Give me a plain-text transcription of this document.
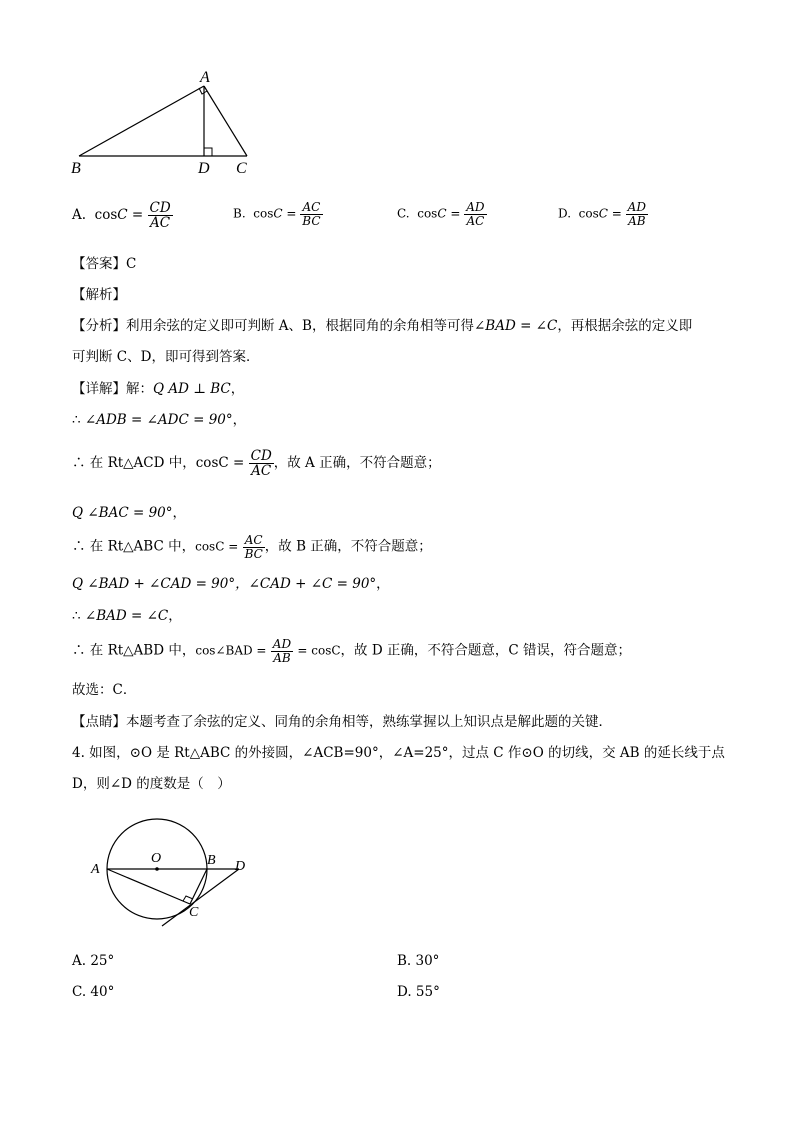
A
B	D C
A. $\cos C = \frac{CD}{AC}$	B. $\cos C = \frac{AC}{BC}$	C. $\cos C = \frac{AD}{AC}$	D. $\cos C = \frac{AD}{AB}$
【答案】C
【解析】
【分析】利用余弦的定义即可判断 A、B，根据同角的余角相等可得∠BAD = ∠C，再根据余弦的定义即
可判断 C、D，即可得到答案．
【详解】解：Q AD ⊥ BC，
∴ ∠ADB = ∠ADC = 90°，
∴ 在 Rt△ACD 中，$\cos C = \frac{CD}{AC}$ ，故 A 正确，不符合题意；
Q ∠BAC = 90°，
∴ 在 Rt△ABC 中，$\cos C = \frac{AC}{BC}$ ，故 B 正确，不符合题意；
Q ∠BAD + ∠CAD = 90°，∠CAD + ∠C = 90°，
∴ ∠BAD = ∠C，
∴ 在 Rt△ABD 中，cos∠BAD = $\frac{AD}{AB} = \cos C$，故 D 正确，不符合题意，C 错误，符合题意；
故选：C．
【点睛】本题考查了余弦的定义、同角的余角相等，熟练掌握以上知识点是解此题的关键．
4. 如图，⊙O 是 Rt△ABC 的外接圆，∠ACB=90°，∠A=25°，过点 C 作⊙O 的切线，交 AB 的延长线于点
D，则∠D 的度数是（　）
A
O	B D
C
A. 25°	B. 30°
C. 40°	D. 55°
